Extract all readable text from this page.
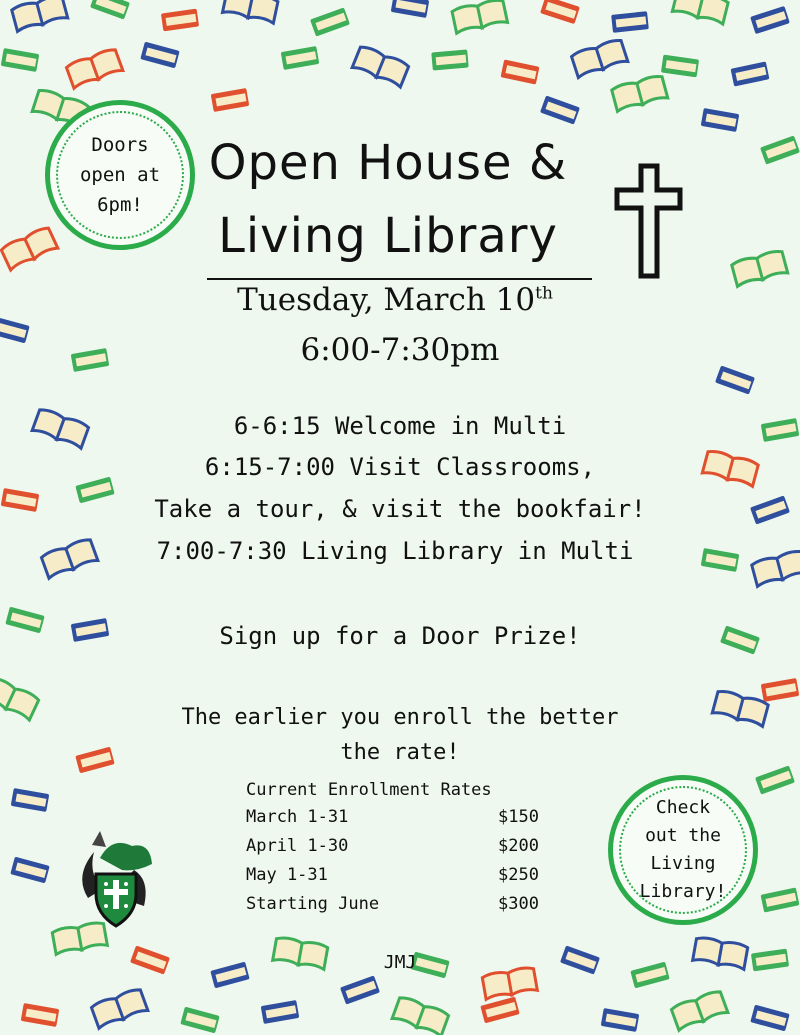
Doors
open at
6pm!
Open House &
Living Library
Tuesday, March 10th
6:00-7:30pm
6-6:15 Welcome in Multi
6:15-7:00 Visit Classrooms,
Take a tour, & visit the bookfair!
7:00-7:30 Living Library in Multi
Sign up for a Door Prize!
The earlier you enroll the better
the rate!
Current Enrollment Rates
March 1-31	$150
April 1-30	$200
May 1-31	$250
Starting June	$300
Check
out the
Living
Library!
JMJ
